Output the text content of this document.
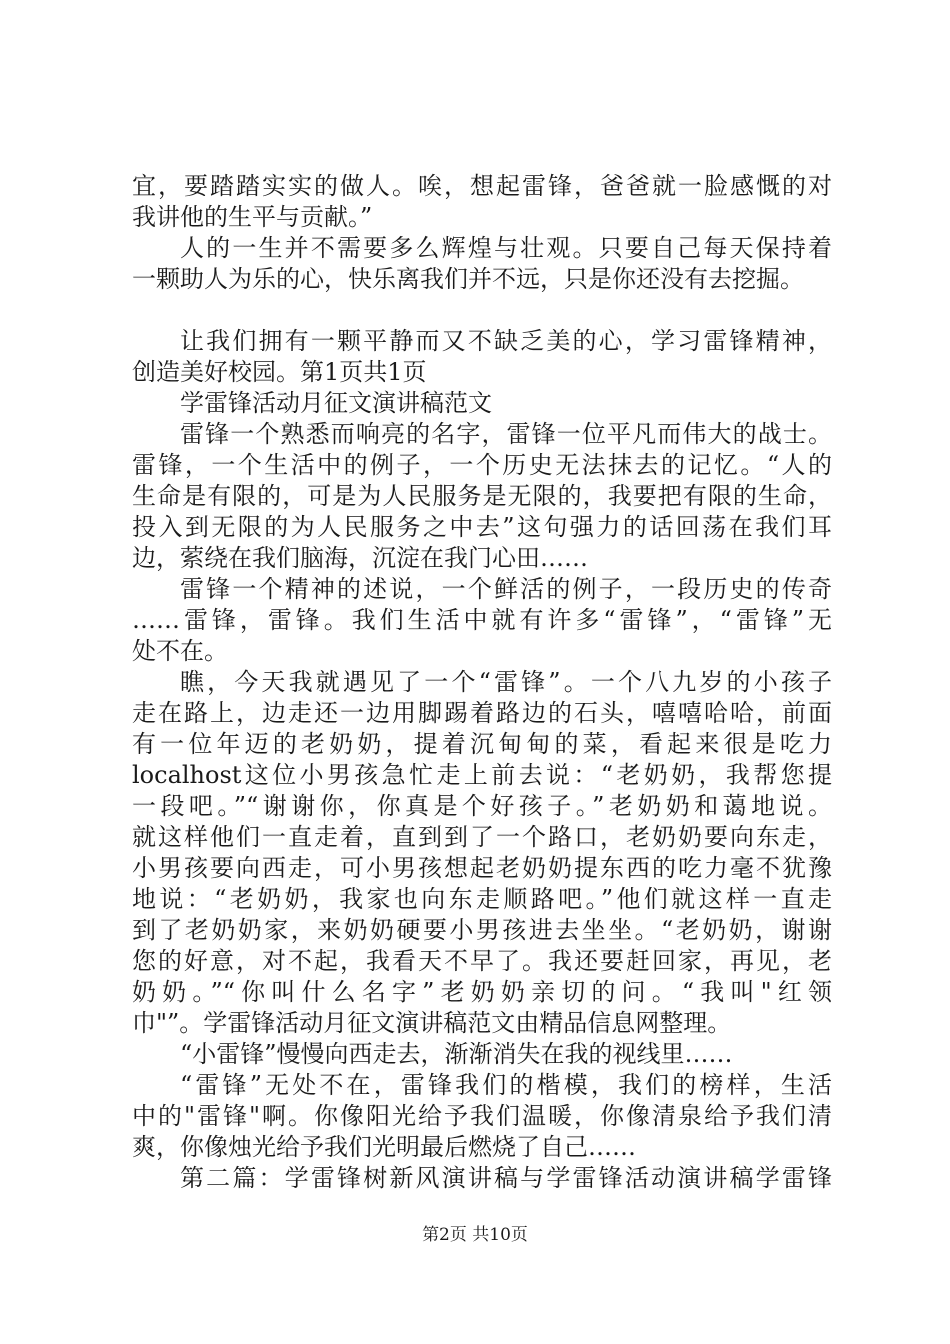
宜，要踏踏实实的做人。唉，想起雷锋，爸爸就一脸感慨的对
我讲他的生平与贡献。”
人的一生并不需要多么辉煌与壮观。只要自己每天保持着
一颗助人为乐的心，快乐离我们并不远，只是你还没有去挖掘。
让我们拥有一颗平静而又不缺乏美的心，学习雷锋精神，
创造美好校园。第1页共1页
学雷锋活动月征文演讲稿范文
雷锋一个熟悉而响亮的名字，雷锋一位平凡而伟大的战士。
雷锋，一个生活中的例子，一个历史无法抹去的记忆。“人的
生命是有限的，可是为人民服务是无限的，我要把有限的生命，
投入到无限的为人民服务之中去”这句强力的话回荡在我们耳
边，萦绕在我们脑海，沉淀在我门心田……
雷锋一个精神的述说，一个鲜活的例子，一段历史的传奇
……雷锋，雷锋。我们生活中就有许多“雷锋”，“雷锋”无
处不在。
瞧，今天我就遇见了一个“雷锋”。一个八九岁的小孩子
走在路上，边走还一边用脚踢着路边的石头，嘻嘻哈哈，前面
有一位年迈的老奶奶，提着沉甸甸的菜，看起来很是吃力
localhost这位小男孩急忙走上前去说：“老奶奶，我帮您提
一段吧。”“谢谢你，你真是个好孩子。”老奶奶和蔼地说。
就这样他们一直走着，直到到了一个路口，老奶奶要向东走，
小男孩要向西走，可小男孩想起老奶奶提东西的吃力毫不犹豫
地说：“老奶奶，我家也向东走顺路吧。”他们就这样一直走
到了老奶奶家，来奶奶硬要小男孩进去坐坐。“老奶奶，谢谢
您的好意，对不起，我看天不早了。我还要赶回家，再见，老
奶奶。”“你叫什么名字”老奶奶亲切的问。“我叫"红领
巾"”。学雷锋活动月征文演讲稿范文由精品信息网整理。
“小雷锋”慢慢向西走去，渐渐消失在我的视线里……
“雷锋”无处不在，雷锋我们的楷模，我们的榜样，生活
中的"雷锋"啊。你像阳光给予我们温暖，你像清泉给予我们清
爽，你像烛光给予我们光明最后燃烧了自己……
第二篇：学雷锋树新风演讲稿与学雷锋活动演讲稿学雷锋
第2页 共10页
